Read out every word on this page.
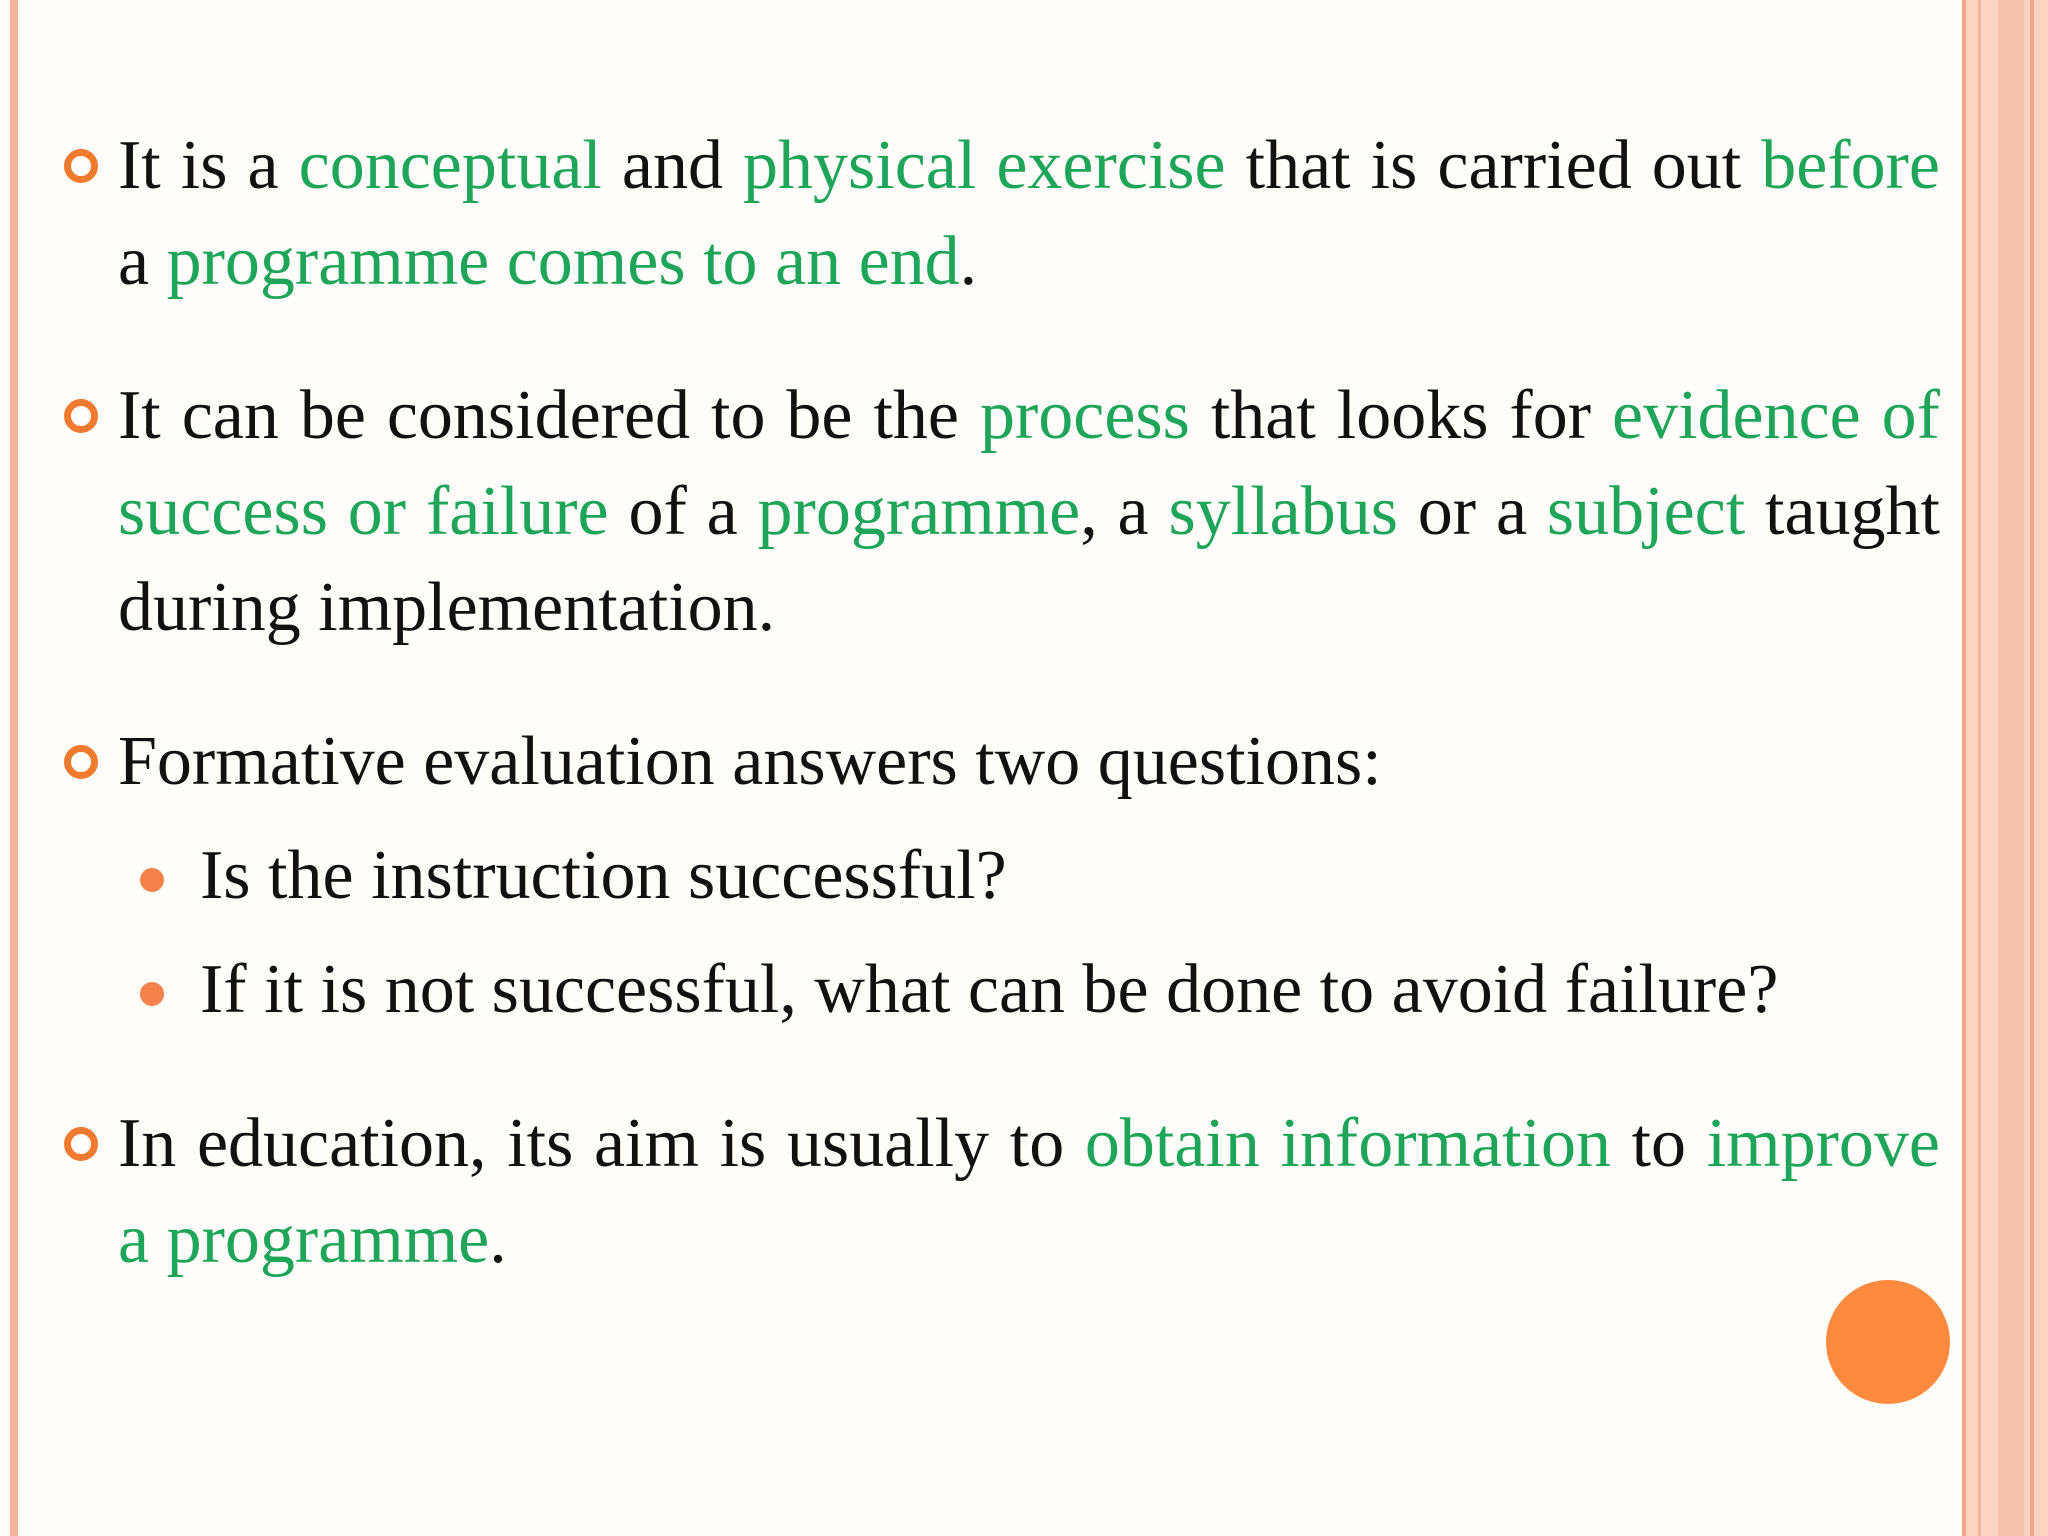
It is a conceptual and physical exercise that is carried out before a programme comes to an end.
It can be considered to be the process that looks for evidence of success or failure of a programme, a syllabus or a subject taught during implementation.
Formative evaluation answers two questions:
Is the instruction successful?
If it is not successful, what can be done to avoid failure?
In education, its aim is usually to obtain information to improve a programme.
